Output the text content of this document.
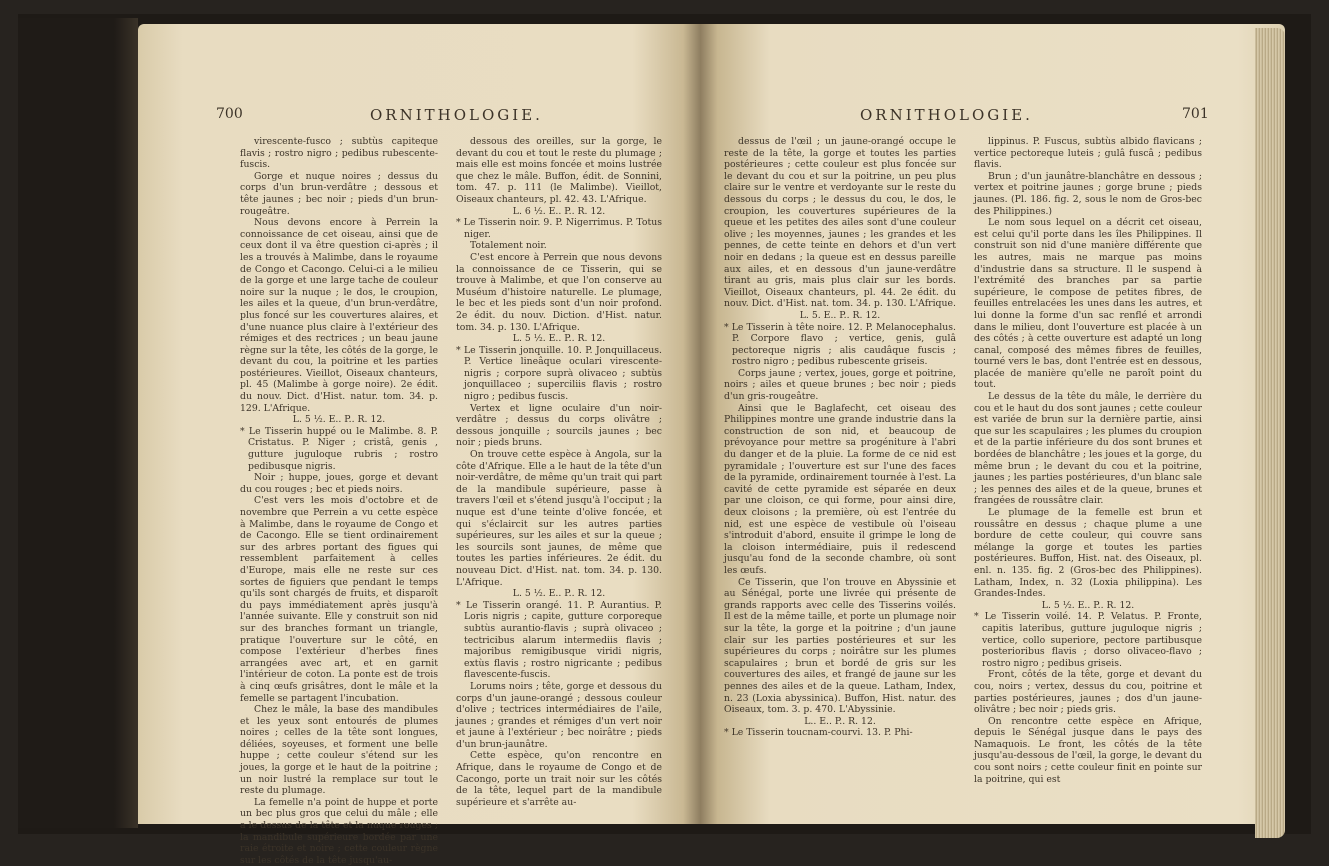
700	ORNITHOLOGIE.

virescente-fusco ; subtùs capiteque flavis ; rostro nigro ; pedibus rubescente-fuscis.

Gorge et nuque noires ; dessus du corps d'un brun-verdâtre ; dessous et tête jaunes ; bec noir ; pieds d'un brun-rougeâtre.

Nous devons encore à Perrein la connoissance de cet oiseau, ainsi que de ceux dont il va être question ci-après ; il les a trouvés à Malimbe, dans le royaume de Congo et Cacongo. Celui-ci a le milieu de la gorge et une large tache de couleur noire sur la nuque ; le dos, le croupion, les ailes et la queue, d'un brun-verdâtre, plus foncé sur les couvertures alaires, et d'une nuance plus claire à l'extérieur des rémiges et des rectrices ; un beau jaune règne sur la tête, les côtés de la gorge, le devant du cou, la poitrine et les parties postérieures. Vieillot, Oiseaux chanteurs, pl. 45 (Malimbe à gorge noire). 2e édit. du nouv. Dict. d'Hist. natur. tom. 34. p. 129. L'Afrique.

L. 5 ½. E.. P.. R. 12.

* Le Tisserin huppé ou le Malimbe. 8. P. Cristatus. P. Niger ; cristâ, genis , gutture juguloque rubris ; rostro pedibusque nigris.

Noir ; huppe, joues, gorge et devant du cou rouges ; bec et pieds noirs.

C'est vers les mois d'octobre et de novembre que Perrein a vu cette espèce à Malimbe, dans le royaume de Congo et de Cacongo. Elle se tient ordinairement sur des arbres portant des figues qui ressemblent parfaitement à celles d'Europe, mais elle ne reste sur ces sortes de figuiers que pendant le temps qu'ils sont chargés de fruits, et disparoît du pays immédiatement après jusqu'à l'année suivante. Elle y construit son nid sur des branches formant un triangle, pratique l'ouverture sur le côté, en compose l'extérieur d'herbes fines arrangées avec art, et en garnit l'intérieur de coton. La ponte est de trois à cinq œufs grisâtres, dont le mâle et la femelle se partagent l'incubation.

Chez le mâle, la base des mandibules et les yeux sont entourés de plumes noires ; celles de la tête sont longues, déliées, soyeuses, et forment une belle huppe ; cette couleur s'étend sur les joues, la gorge et le haut de la poitrine ; un noir lustré la remplace sur tout le reste du plumage.

La femelle n'a point de huppe et porte un bec plus gros que celui du mâle ; elle a le dessus de la tête et la nuque rouges ; la mandibule supérieure bordée par une raie étroite et noire ; cette couleur règne sur les côtés de la tête jusqu'au-

dessous des oreilles, sur la gorge, le devant du cou et tout le reste du plumage ; mais elle est moins foncée et moins lustrée que chez le mâle. Buffon, édit. de Sonnini, tom. 47. p. 111 (le Malimbe). Vieillot, Oiseaux chanteurs, pl. 42. 43. L'Afrique.

L. 6 ½. E.. P.. R. 12.

* Le Tisserin noir. 9. P. Nigerrimus. P. Totus niger.

Totalement noir.

C'est encore à Perrein que nous devons la connoissance de ce Tisserin, qui se trouve à Malimbe, et que l'on conserve au Muséum d'histoire naturelle. Le plumage, le bec et les pieds sont d'un noir profond. 2e édit. du nouv. Diction. d'Hist. natur. tom. 34. p. 130. L'Afrique.

L. 5 ½. E.. P.. R. 12.

* Le Tisserin jonquille. 10. P. Jonquillaceus. P. Vertice lineâque oculari virescente-nigris ; corpore suprà olivaceo ; subtùs jonquillaceo ; superciliis flavis ; rostro nigro ; pedibus fuscis.

Vertex et ligne oculaire d'un noir-verdâtre ; dessus du corps olivâtre ; dessous jonquille ; sourcils jaunes ; bec noir ; pieds bruns.

On trouve cette espèce à Angola, sur la côte d'Afrique. Elle a le haut de la tête d'un noir-verdâtre, de même qu'un trait qui part de la mandibule supérieure, passe à travers l'œil et s'étend jusqu'à l'occiput ; la nuque est d'une teinte d'olive foncée, et qui s'éclaircit sur les autres parties supérieures, sur les ailes et sur la queue ; les sourcils sont jaunes, de même que toutes les parties inférieures. 2e édit. du nouveau Dict. d'Hist. nat. tom. 34. p. 130. L'Afrique.

L. 5 ½. E.. P.. R. 12.

* Le Tisserin orangé. 11. P. Aurantius. P. Loris nigris ; capite, gutture corporeque subtùs aurantio-flavis ; suprà olivaceo ; tectricibus alarum intermediis flavis ; majoribus remigibusque viridi nigris, extùs flavis ; rostro nigricante ; pedibus flavescente-fuscis.

Lorums noirs ; tête, gorge et dessous du corps d'un jaune-orangé ; dessous couleur d'olive ; tectrices intermédiaires de l'aile, jaunes ; grandes et rémiges d'un vert noir et jaune à l'extérieur ; bec noirâtre ; pieds d'un brun-jaunâtre.

Cette espèce, qu'on rencontre en Afrique, dans le royaume de Congo et de Cacongo, porte un trait noir sur les côtés de la tête, lequel part de la mandibule supérieure et s'arrête au-

ORNITHOLOGIE.	701

dessus de l'œil ; un jaune-orangé occupe le reste de la tête, la gorge et toutes les parties postérieures ; cette couleur est plus foncée sur le devant du cou et sur la poitrine, un peu plus claire sur le ventre et verdoyante sur le reste du dessous du corps ; le dessus du cou, le dos, le croupion, les couvertures supérieures de la queue et les petites des ailes sont d'une couleur olive ; les moyennes, jaunes ; les grandes et les pennes, de cette teinte en dehors et d'un vert noir en dedans ; la queue est en dessus pareille aux ailes, et en dessous d'un jaune-verdâtre tirant au gris, mais plus clair sur les bords. Vieillot, Oiseaux chanteurs, pl. 44. 2e édit. du nouv. Dict. d'Hist. nat. tom. 34. p. 130. L'Afrique.

L. 5. E.. P.. R. 12.

* Le Tisserin à tête noire. 12. P. Melanocephalus. P. Corpore flavo ; vertice, genis, gulâ pectoreque nigris ; alis caudâque fuscis ; rostro nigro ; pedibus rubescente griseis.

Corps jaune ; vertex, joues, gorge et poitrine, noirs ; ailes et queue brunes ; bec noir ; pieds d'un gris-rougeâtre.

Ainsi que le Baglafecht, cet oiseau des Philippines montre une grande industrie dans la construction de son nid, et beaucoup de prévoyance pour mettre sa progéniture à l'abri du danger et de la pluie. La forme de ce nid est pyramidale ; l'ouverture est sur l'une des faces de la pyramide, ordinairement tournée à l'est. La cavité de cette pyramide est séparée en deux par une cloison, ce qui forme, pour ainsi dire, deux cloisons ; la première, où est l'entrée du nid, est une espèce de vestibule où l'oiseau s'introduit d'abord, ensuite il grimpe le long de la cloison intermédiaire, puis il redescend jusqu'au fond de la seconde chambre, où sont les œufs.

Ce Tisserin, que l'on trouve en Abyssinie et au Sénégal, porte une livrée qui présente de grands rapports avec celle des Tisserins voilés. Il est de la même taille, et porte un plumage noir sur la tête, la gorge et la poitrine ; d'un jaune clair sur les parties postérieures et sur les supérieures du corps ; noirâtre sur les plumes scapulaires ; brun et bordé de gris sur les couvertures des ailes, et frangé de jaune sur les pennes des ailes et de la queue. Latham, Index, n. 23 (Loxia abyssinica). Buffon, Hist. natur. des Oiseaux, tom. 3. p. 470. L'Abyssinie.

L.. E.. P.. R. 12.

* Le Tisserin toucnam-courvi. 13. P. Phi-

lippinus. P. Fuscus, subtùs albido flavicans ; vertice pectoreque luteis ; gulâ fuscâ ; pedibus flavis.

Brun ; d'un jaunâtre-blanchâtre en dessous ; vertex et poitrine jaunes ; gorge brune ; pieds jaunes. (Pl. 186. fig. 2, sous le nom de Gros-bec des Philippines.)

Le nom sous lequel on a décrit cet oiseau, est celui qu'il porte dans les îles Philippines. Il construit son nid d'une manière différente que les autres, mais ne marque pas moins d'industrie dans sa structure. Il le suspend à l'extrémité des branches par sa partie supérieure, le compose de petites fibres, de feuilles entrelacées les unes dans les autres, et lui donne la forme d'un sac renflé et arrondi dans le milieu, dont l'ouverture est placée à un des côtés ; à cette ouverture est adapté un long canal, composé des mêmes fibres de feuilles, tourné vers le bas, dont l'entrée est en dessous, placée de manière qu'elle ne paroît point du tout.

Le dessus de la tête du mâle, le derrière du cou et le haut du dos sont jaunes ; cette couleur est variée de brun sur la dernière partie, ainsi que sur les scapulaires ; les plumes du croupion et de la partie inférieure du dos sont brunes et bordées de blanchâtre ; les joues et la gorge, du même brun ; le devant du cou et la poitrine, jaunes ; les parties postérieures, d'un blanc sale ; les pennes des ailes et de la queue, brunes et frangées de roussâtre clair.

Le plumage de la femelle est brun et roussâtre en dessus ; chaque plume a une bordure de cette couleur, qui couvre sans mélange la gorge et toutes les parties postérieures. Buffon, Hist. nat. des Oiseaux, pl. enl. n. 135. fig. 2 (Gros-bec des Philippines). Latham, Index, n. 32 (Loxia philippina). Les Grandes-Indes.

L. 5 ½. E.. P.. R. 12.

* Le Tisserin voilé. 14. P. Velatus. P. Fronte, capitis lateribus, gutture juguloque nigris ; vertice, collo superiore, pectore partibusque posterioribus flavis ; dorso olivaceo-flavo ; rostro nigro ; pedibus griseis.

Front, côtés de la tête, gorge et devant du cou, noirs ; vertex, dessus du cou, poitrine et parties postérieures, jaunes ; dos d'un jaune-olivâtre ; bec noir ; pieds gris.

On rencontre cette espèce en Afrique, depuis le Sénégal jusque dans le pays des Namaquois. Le front, les côtés de la tête jusqu'au-dessous de l'œil, la gorge, le devant du cou sont noirs ; cette couleur finit en pointe sur la poitrine, qui est
